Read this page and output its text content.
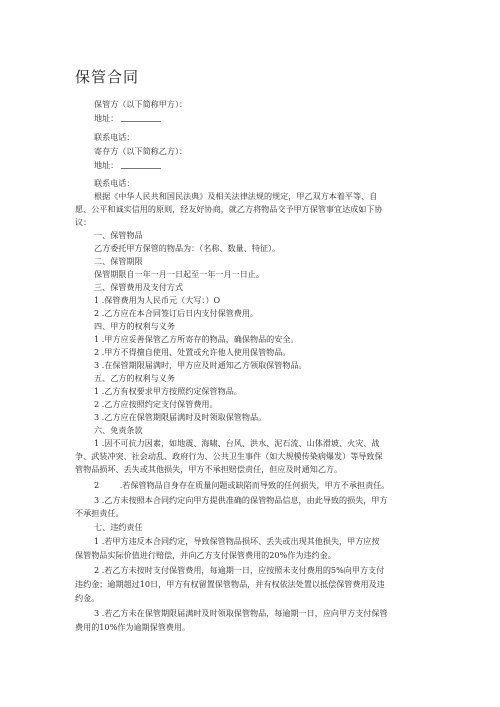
保管合同
保管方（以下简称甲方）：
地址：
联系电话：
寄存方（以下简称乙方）：
地址：
联系电话：
根据《中华人民共和国民法典》及相关法律法规的规定，甲乙双方本着平等、自
愿、公平和诚实信用的原则，经友好协商，就乙方将物品交予甲方保管事宜达成如下协
议：
一、保管物品
乙方委托甲方保管的物品为：（名称、数量、特征）。
二、保管期限
保管期限自一年一月一日起至一年一月一日止。
三、保管费用及支付方式
1 .保管费用为人民币元（大写：）O
2 .乙方应在本合同签订后日内支付保管费用。
四、甲方的权利与义务
1 .甲方应妥善保管乙方所寄存的物品，确保物品的安全。
2 .甲方不得擅自使用、处置或允许他人使用保管物品。
3 .在保管期限届满时，甲方应及时通知乙方领取保管物品。
五、乙方的权利与义务
1 .乙方有权要求甲方按照约定保管物品。
2 .乙方应按照约定支付保管费用。
3 .乙方应在保管期限届满时及时领取保管物品。
六、免责条款
1 .因不可抗力因素，如地震、海啸、台风、洪水、泥石流、山体滑坡、火灾、战
争、武装冲突、社会动乱、政府行为、公共卫生事件（如大规模传染病爆发）等导致保
管物品损坏、丢失或其他损失，甲方不承担赔偿责任，但应及时通知乙方。
2        .若保管物品自身存在质量问题或缺陷而导致的任何损失，甲方不承担责任。
3 .乙方未按照本合同约定向甲方提供准确的保管物品信息，由此导致的损失，甲方
不承担责任。
七、违约责任
1 .若甲方违反本合同约定，导致保管物品损坏、丢失或出现其他损失，甲方应按
保管物品实际价值进行赔偿，并向乙方支付保管费用的20%作为违约金。
2 .若乙方未按时支付保管费用，每逾期一日，应按照未支付费用的5%向甲方支付
违约金；逾期超过10日，甲方有权留置保管物品，并有权依法处置以抵偿保管费用及违
约金。
3 .若乙方未在保管期限届满时及时领取保管物品，每逾期一日，应向甲方支付保管
费用的10%作为逾期保管费用。
